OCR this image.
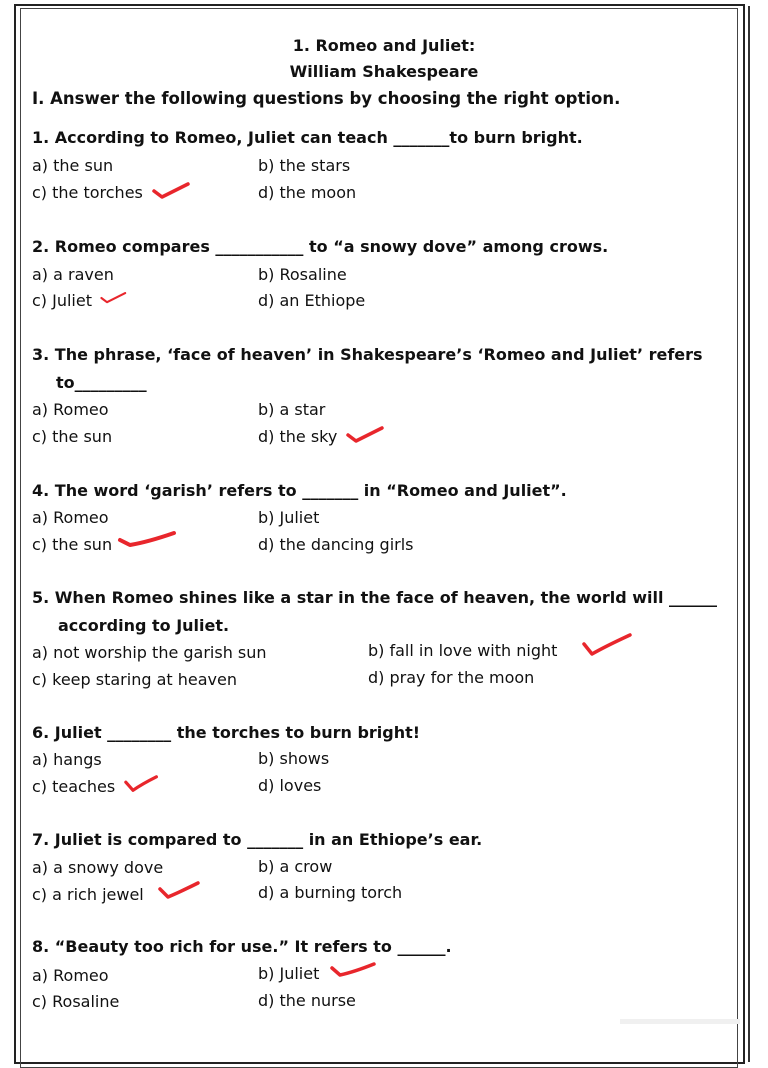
1. Romeo and Juliet:
William Shakespeare
I. Answer the following questions by choosing the right option.
1. According to Romeo, Juliet can teach _______to burn bright.
a) the sun	b) the stars
c) the torches	d) the moon
2. Romeo compares ___________ to “a snowy dove” among crows.
a) a raven	b) Rosaline
c) Juliet	d) an Ethiope
3. The phrase, ‘face of heaven’ in Shakespeare’s ‘Romeo and Juliet’ refers
to_________
a) Romeo	b) a star
c) the sun	d) the sky
4. The word ‘garish’ refers to _______ in “Romeo and Juliet”.
a) Romeo	b) Juliet
c) the sun	d) the dancing girls
5. When Romeo shines like a star in the face of heaven, the world will ______
according to Juliet.
a) not worship the garish sun	b) fall in love with night
c) keep staring at heaven	d) pray for the moon
6. Juliet ________ the torches to burn bright!
a) hangs	b) shows
c) teaches	d) loves
7. Juliet is compared to _______ in an Ethiope’s ear.
a) a snowy dove	b) a crow
c) a rich jewel	d) a burning torch
8. “Beauty too rich for use.” It refers to ______.
a) Romeo	b) Juliet
c) Rosaline	d) the nurse
